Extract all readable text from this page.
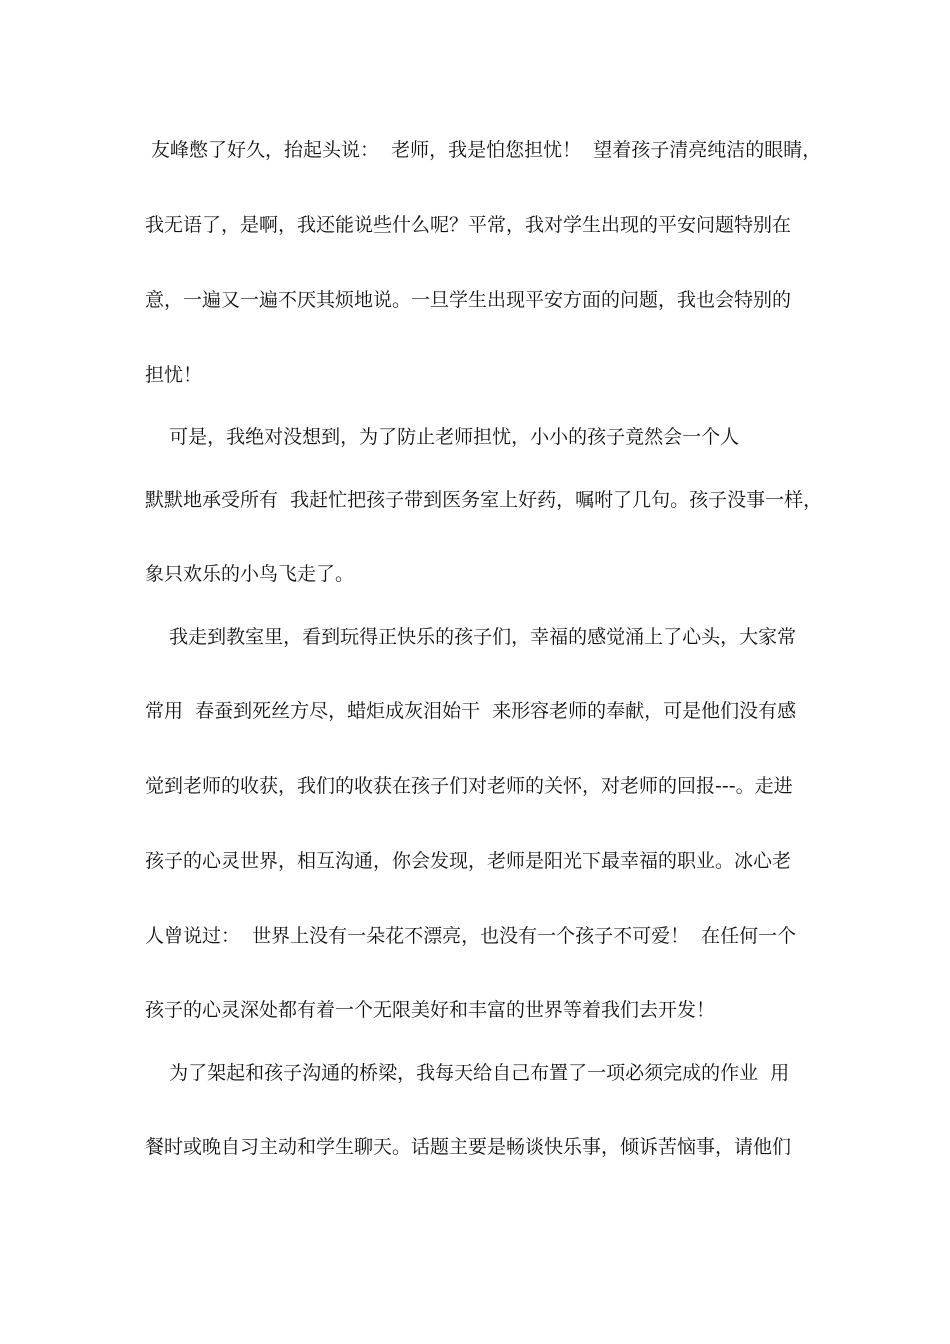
友峰憋了好久，抬起头说：  老师，我是怕您担忧！  望着孩子清亮纯洁的眼睛，
我无语了，是啊，我还能说些什么呢？平常，我对学生出现的平安问题特别在
意，一遍又一遍不厌其烦地说。一旦学生出现平安方面的问题，我也会特别的
担忧！
可是，我绝对没想到，为了防止老师担忧，小小的孩子竟然会一个人
默默地承受所有  我赶忙把孩子带到医务室上好药，嘱咐了几句。孩子没事一样，
象只欢乐的小鸟飞走了。
我走到教室里，看到玩得正快乐的孩子们，幸福的感觉涌上了心头，大家常
常用  春蚕到死丝方尽，蜡炬成灰泪始干  来形容老师的奉献，可是他们没有感
觉到老师的收获，我们的收获在孩子们对老师的关怀，对老师的回报---。走进
孩子的心灵世界，相互沟通，你会发现，老师是阳光下最幸福的职业。冰心老
人曾说过：  世界上没有一朵花不漂亮，也没有一个孩子不可爱！  在任何一个
孩子的心灵深处都有着一个无限美好和丰富的世界等着我们去开发！
为了架起和孩子沟通的桥梁，我每天给自己布置了一项必须完成的作业  用
餐时或晚自习主动和学生聊天。话题主要是畅谈快乐事，倾诉苦恼事，请他们
